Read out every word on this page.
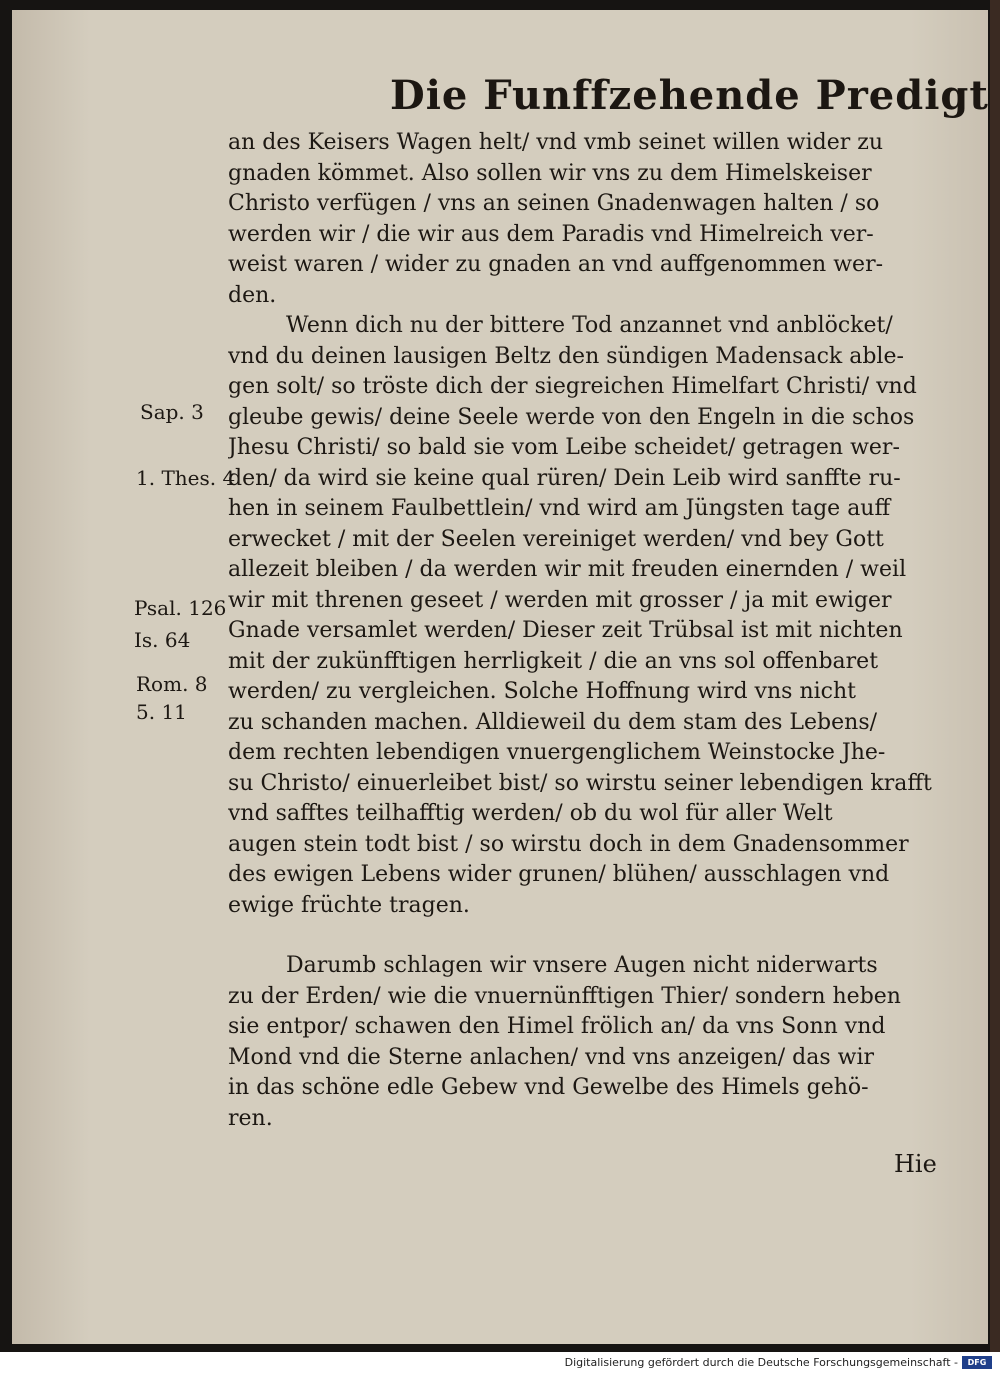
Die Funffzehende Predigt
an des Keisers Wagen helt/ vnd vmb seinet willen wider zu
gnaden kömmet. Also sollen wir vns zu dem Himelskeiser
Christo verfügen / vns an seinen Gnadenwagen halten / so
werden wir / die wir aus dem Paradis vnd Himelreich ver-
weist waren / wider zu gnaden an vnd auffgenommen wer-
den.
Wenn dich nu der bittere Tod anzannet vnd anblöcket/
vnd du deinen lausigen Beltz den sündigen Madensack able-
gen solt/ so tröste dich der siegreichen Himelfart Christi/ vnd
gleube gewis/ deine Seele werde von den Engeln in die schos
Jhesu Christi/ so bald sie vom Leibe scheidet/ getragen wer-
den/ da wird sie keine qual rüren/ Dein Leib wird sanffte ru-
hen in seinem Faulbettlein/ vnd wird am Jüngsten tage auff
erwecket / mit der Seelen vereiniget werden/ vnd bey Gott
allezeit bleiben / da werden wir mit freuden einernden / weil
wir mit threnen geseet / werden mit grosser / ja mit ewiger
Gnade versamlet werden/ Dieser zeit Trübsal ist mit nichten
mit der zukünfftigen herrligkeit / die an vns sol offenbaret
werden/ zu vergleichen. Solche Hoffnung wird vns nicht
zu schanden machen. Alldieweil du dem stam des Lebens/
dem rechten lebendigen vnuergenglichem Weinstocke Jhe-
su Christo/ einuerleibet bist/ so wirstu seiner lebendigen krafft
vnd safftes teilhafftig werden/ ob du wol für aller Welt
augen stein todt bist / so wirstu doch in dem Gnadensommer
des ewigen Lebens wider grunen/ blühen/ ausschlagen vnd
ewige früchte tragen.
Darumb schlagen wir vnsere Augen nicht niderwarts
zu der Erden/ wie die vnuernünfftigen Thier/ sondern heben
sie entpor/ schawen den Himel frölich an/ da vns Sonn vnd
Mond vnd die Sterne anlachen/ vnd vns anzeigen/ das wir
in das schöne edle Gebew vnd Gewelbe des Himels gehö-
ren.
Sap. 3
1. Thes. 4
Psal. 126
Is. 64
Rom. 8
5. 11
Hie
Digitalisierung gefördert durch die Deutsche Forschungsgemeinschaft -	DFG
